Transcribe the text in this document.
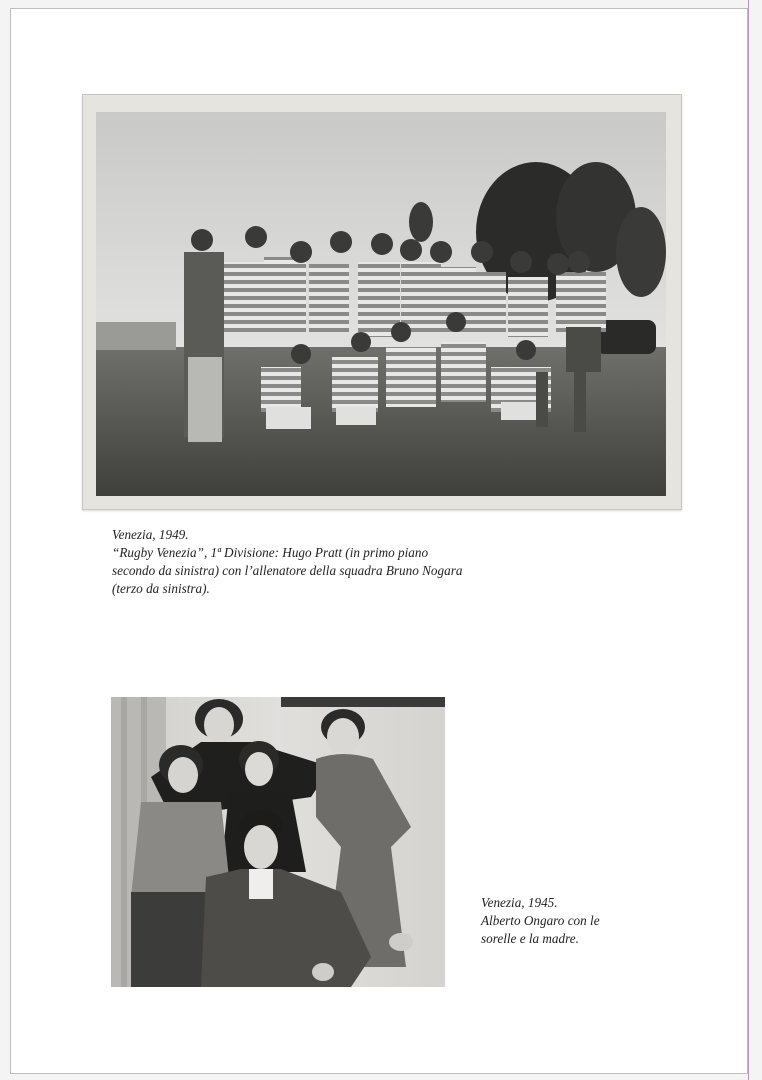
Venezia, 1949.
“Rugby Venezia”, 1ª Divisione: Hugo Pratt (in primo piano
secondo da sinistra) con l’allenatore della squadra Bruno Nogara
(terzo da sinistra).
Venezia, 1945.
Alberto Ongaro con le
sorelle e la madre.
